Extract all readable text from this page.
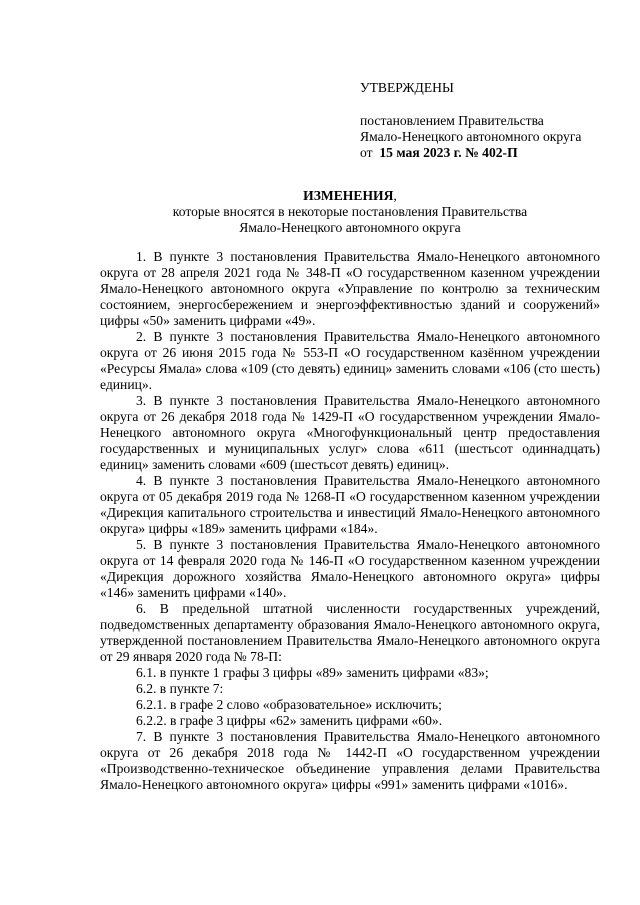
УТВЕРЖДЕНЫ
постановлением Правительства
Ямало-Ненецкого автономного округа
от 15 мая 2023 г. № 402-П
ИЗМЕНЕНИЯ,
которые вносятся в некоторые постановления Правительства
Ямало-Ненецкого автономного округа

1. В пункте 3 постановления Правительства Ямало-Ненецкого автономного округа от 28 апреля 2021 года № 348-П «О государственном казенном учреждении Ямало-Ненецкого автономного округа «Управление по контролю за техническим состоянием, энергосбережением и энергоэффективностью зданий и сооружений» цифры «50» заменить цифрами «49».

2. В пункте 3 постановления Правительства Ямало-Ненецкого автономного округа от 26 июня 2015 года № 553-П «О государственном казённом учреждении «Ресурсы Ямала» слова «109 (сто девять) единиц» заменить словами «106 (сто шесть) единиц».

3. В пункте 3 постановления Правительства Ямало-Ненецкого автономного округа от 26 декабря 2018 года № 1429-П «О государственном учреждении Ямало-Ненецкого автономного округа «Многофункциональный центр предоставления государственных и муниципальных услуг» слова «611 (шестьсот одиннадцать) единиц» заменить словами «609 (шестьсот девять) единиц».

4. В пункте 3 постановления Правительства Ямало-Ненецкого автономного округа от 05 декабря 2019 года № 1268-П «О государственном казенном учреждении «Дирекция капитального строительства и инвестиций Ямало-Ненецкого автономного округа» цифры «189» заменить цифрами «184».

5. В пункте 3 постановления Правительства Ямало-Ненецкого автономного округа от 14 февраля 2020 года № 146-П «О государственном казенном учреждении «Дирекция дорожного хозяйства Ямало-Ненецкого автономного округа» цифры «146» заменить цифрами «140».

6. В предельной штатной численности государственных учреждений, подведомственных департаменту образования Ямало-Ненецкого автономного округа, утвержденной постановлением Правительства Ямало-Ненецкого автономного округа от 29 января 2020 года № 78-П:

6.1. в пункте 1 графы 3 цифры «89» заменить цифрами «83»;

6.2. в пункте 7:

6.2.1. в графе 2 слово «образовательное» исключить;

6.2.2. в графе 3 цифры «62» заменить цифрами «60».

7. В пункте 3 постановления Правительства Ямало-Ненецкого автономного округа от 26 декабря 2018 года № 1442-П «О государственном учреждении «Производственно-техническое объединение управления делами Правительства Ямало-Ненецкого автономного округа» цифры «991» заменить цифрами «1016».
